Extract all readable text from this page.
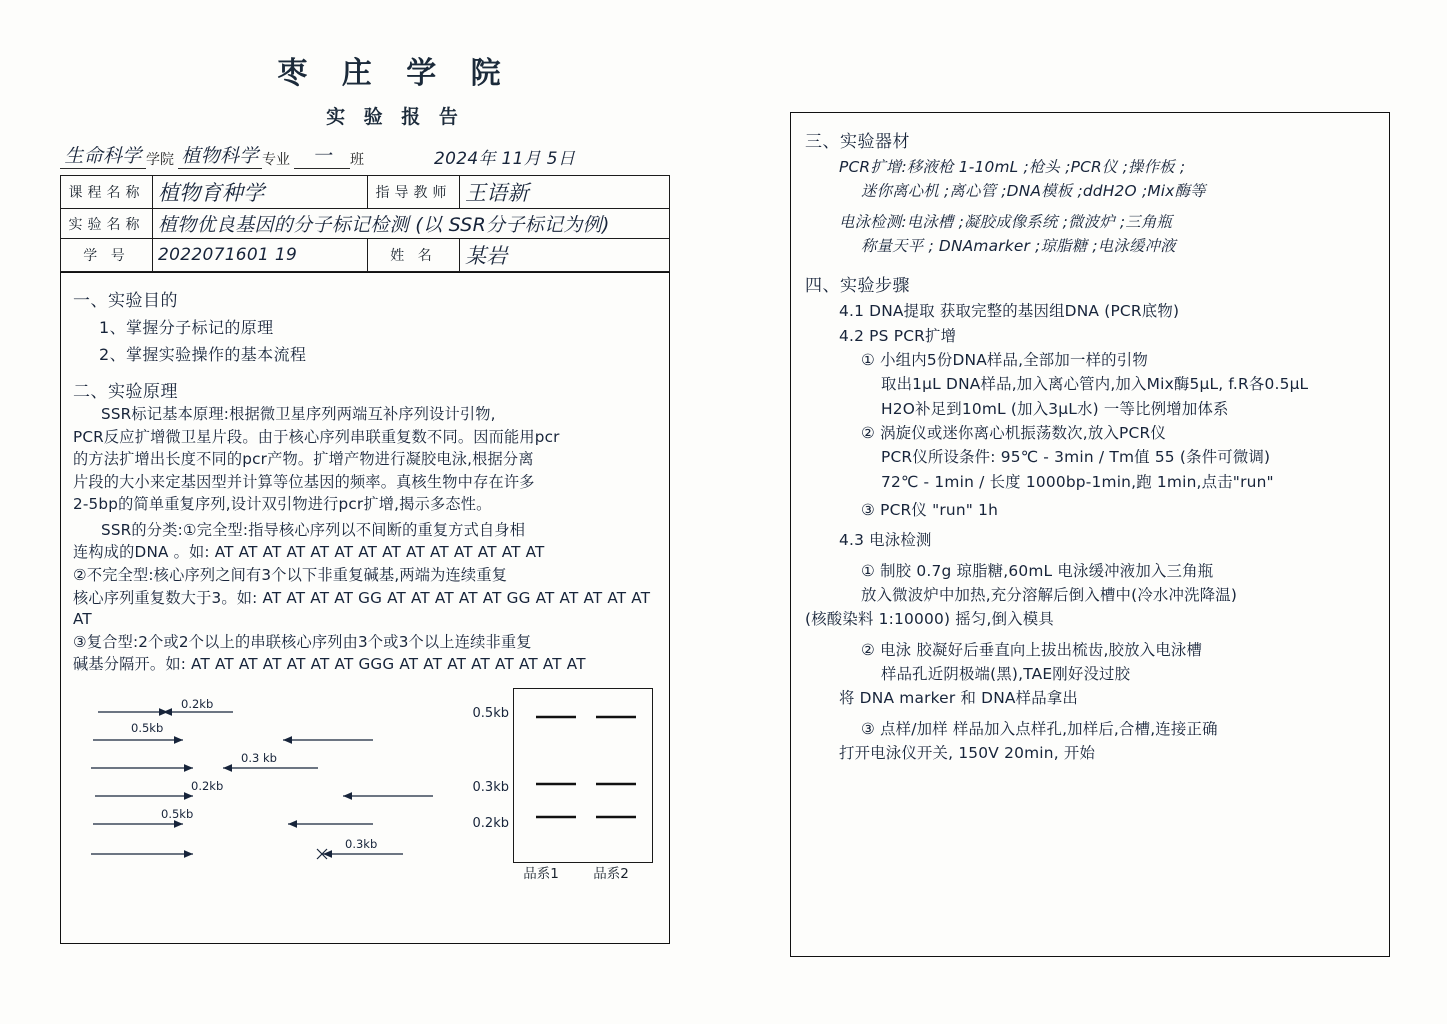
枣 庄 学 院
实 验 报 告
生命科学 学院 植物科学 专业	一	班	2024年 11月 5日
课程名称	植物育种学	指导教师	王语新
实验名称	植物优良基因的分子标记检测 (以 SSR分子标记为例)		
学 号	2022071601 19	姓 名	某岩
一、实验目的
1、掌握分子标记的原理
2、掌握实验操作的基本流程
二、实验原理
SSR标记基本原理:根据微卫星序列两端互补序列设计引物,
PCR反应扩增微卫星片段。由于核心序列串联重复数不同。因而能用pcr
的方法扩增出长度不同的pcr产物。扩增产物进行凝胶电泳,根据分离
片段的大小来定基因型并计算等位基因的频率。真核生物中存在许多
2-5bp的简单重复序列,设计双引物进行pcr扩增,揭示多态性。
SSR的分类:①完全型:指导核心序列以不间断的重复方式自身相
连构成的DNA 。如: AT AT AT AT AT AT AT AT AT AT AT AT AT AT
②不完全型:核心序列之间有3个以下非重复碱基,两端为连续重复
核心序列重复数大于3。如: AT AT AT AT GG AT AT AT AT AT GG AT AT AT AT AT AT
③复合型:2个或2个以上的串联核心序列由3个或3个以上连续非重复
碱基分隔开。如: AT AT AT AT AT AT AT GGG AT AT AT AT AT AT AT AT
0.2kb
0.5kb
0.3 kb
0.2kb
0.5kb
0.3kb
0.5kb
0.3kb
0.2kb
品系1	品系2
三、实验器材
PCR扩增:移液枪 1-10mL ;枪头 ;PCR仪 ;操作板 ;
迷你离心机 ;离心管 ;DNA模板 ;ddH2O ;Mix酶等
电泳检测:电泳槽 ;凝胶成像系统 ;微波炉 ;三角瓶
称量天平 ; DNAmarker ;琼脂糖 ;电泳缓冲液
四、实验步骤
4.1 DNA提取 获取完整的基因组DNA (PCR底物)
4.2 PS PCR扩增
① 小组内5份DNA样品,全部加一样的引物
取出1μL DNA样品,加入离心管内,加入Mix酶5μL, f.R各0.5μL
H2O补足到10mL (加入3μL水) 一等比例增加体系
② 涡旋仪或迷你离心机振荡数次,放入PCR仪
PCR仪所设条件: 95℃ - 3min / Tm值 55 (条件可微调)
72℃ - 1min / 长度 1000bp-1min,跑 1min,点击"run"
③ PCR仪 "run" 1h
4.3 电泳检测
① 制胶 0.7g 琼脂糖,60mL 电泳缓冲液加入三角瓶
放入微波炉中加热,充分溶解后倒入槽中(冷水冲洗降温)
(核酸染料 1:10000) 摇匀,倒入模具
② 电泳 胶凝好后垂直向上拔出梳齿,胶放入电泳槽
样品孔近阴极端(黑),TAE刚好没过胶
将 DNA marker 和 DNA样品拿出
③ 点样/加样 样品加入点样孔,加样后,合槽,连接正确
打开电泳仪开关, 150V 20min, 开始
